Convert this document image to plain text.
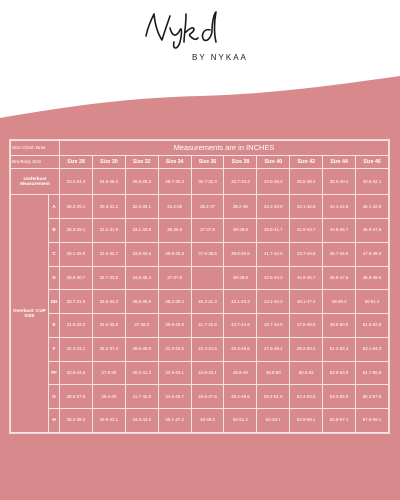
BY NYKAA
Size Chart: Bras		Measurements are in INCHES									
Bra Body Size		Size 28	Size 30	Size 32	Size 34	Size 36	Size 38	Size 40	Size 42	Size 44	Size 46
Underbust Measurement		23.2-24.4	24.8-26.4	26.8-28.3	28.7-30.3	30.7-32.3	32.7-34.3	34.6-36.2	36.6-38.2	38.6-40.2	40.6-42.1
Overbust -CUP SIZE	A	28.3-29.1	30.3-31.1	32.3-33.1	34.3-35	36.2-37	38.2-39	40.2-40.9	42.1-42.9	44.1-44.9	46.1-42.9
	B	28.3-29.1	31.1-31.9	33.1-33.9	35-35.8	37-37.8	39-39.8	40.9-41.7	42.9-43.7	44.9-45.7	46.9-47.6
	C	29.1-29.9	31.9-32.7	33.9-34.6	35.8-36.6	37.8-38.6	39.8-40.6	41.7-42.5	43.7-44.5	45.7-46.5	47.6-48.4
	D	29.9-30.7	32.7-33.5	34.6-35.4	37-37.8		39-39.8	42.5-43.3	44.9-45.7	46.9-47.6	48.8-49.6
	DD	30.7-31.5	33.5-34.3	35.8-36.6	38.2-39.4	40.2-41.3	42.1-43.3	44.1-45.3	46.1-47.2	48-49.2	50-51.2
	E	31.5-32.3	34.6-35.8	37-38.2	39.8-40.9	41.7-42.9	43.7-44.9	45.7-46.9	47.6-48.8	49.6-50.8	51.6-52.8
	F	32.3-33.1	36.2-37.4	38.6-39.8	41.3-42.5	43.3-44.5	45.3-46.5	47.2-48.4	49.2-50.4	51.2-52.4	53.1-54.3
	FF	33.5-34.6	37.8-39	40.2-41.3	42.9-44.1	44.9-46.1	46.9-48	48.8-50	50.8-52	52.8-53.9	54.7-55.9
	G	36.6-37.8	39.4-40	41.7-42.9	44.5-45.7	46.5-47.6	48.4-49.6	50.4-51.6	52.4-53.5	54.3-55.5	56.3-57.5
	H	38.2-39.4	40.9-42.1	43.3-44.5	46.1-47.2	48-49.2	50-51.2	52-53.1	53.9-55.1	55.9-57.1	57.9-59.1
